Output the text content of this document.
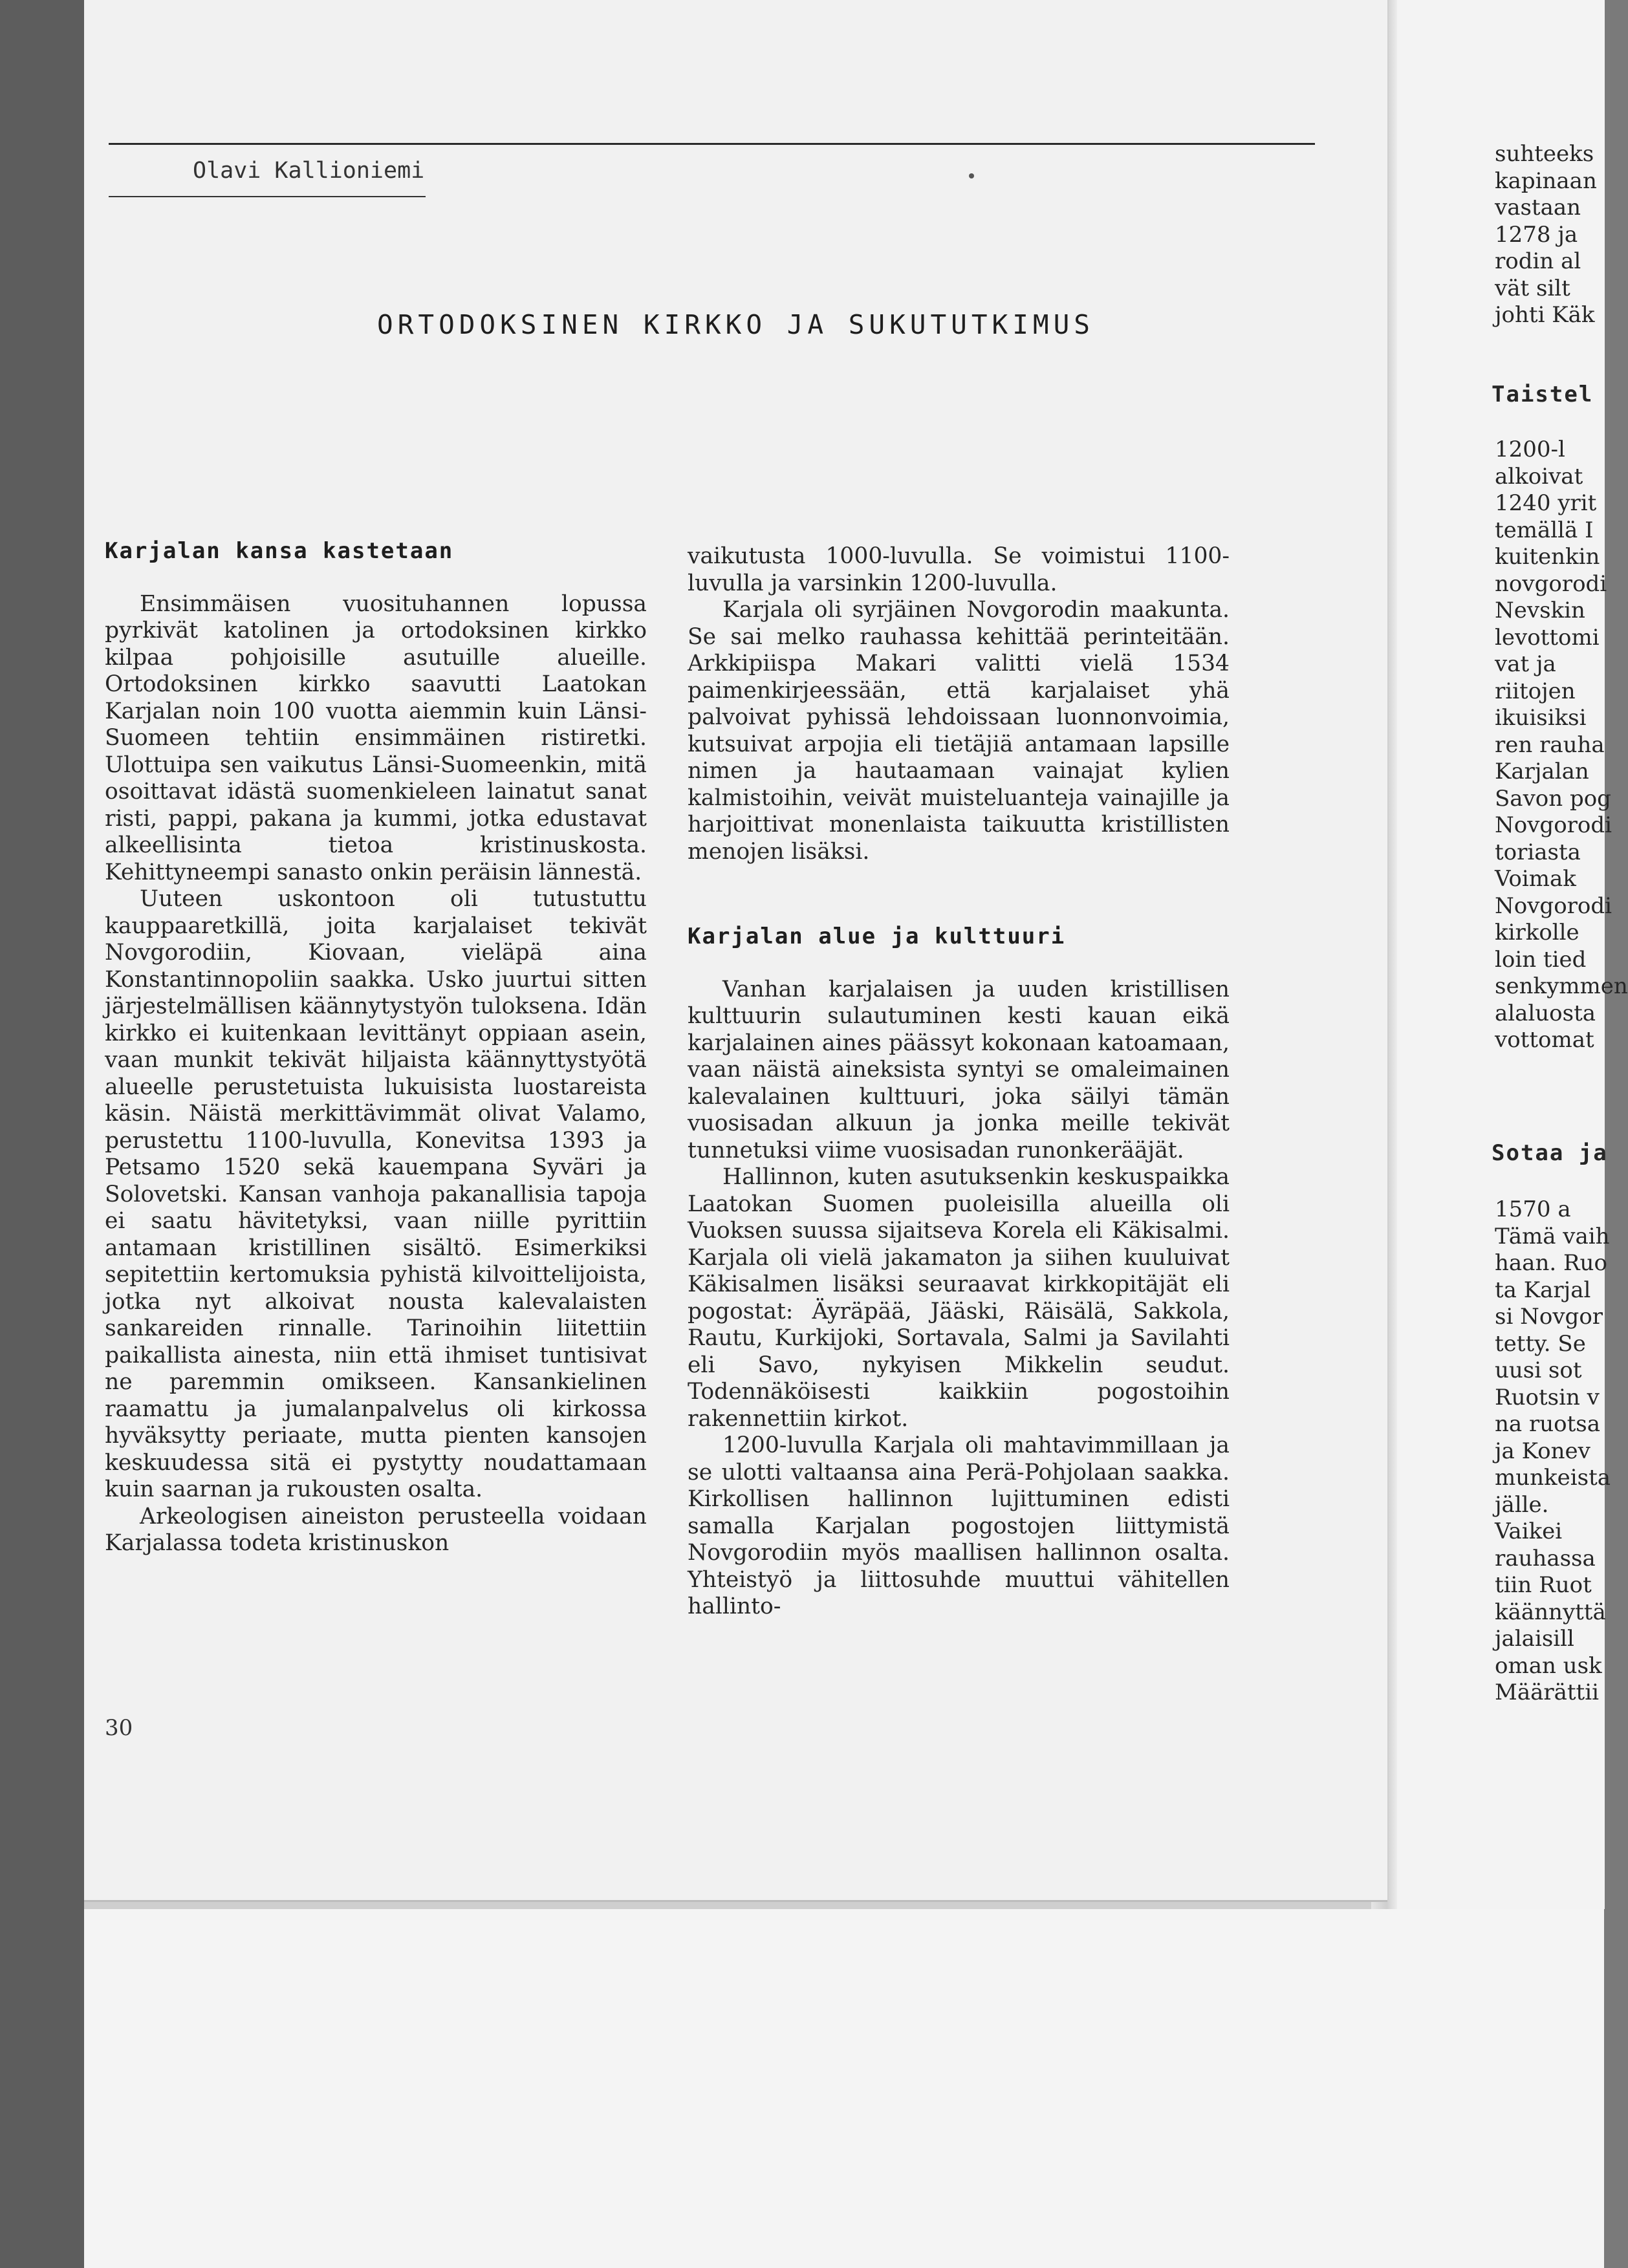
suhteeks
kapinaan
vastaan
1278 ja
rodin al
vät silt
johti Käk
Taistel
1200-l
alkoivat
1240 yrit
temällä I
kuitenkin
novgorodi
Nevskin
levottomi
vat ja
riitojen
ikuisiksi
ren rauha
Karjalan
Savon pog
Novgorodi
toriasta
Voimak
Novgorodi
kirkolle
loin tied
senkymmen
alaluosta
vottomat
Sotaa ja
1570 a
Tämä vaih
haan. Ruo
ta Karjal
si Novgor
tetty. Se
uusi sot
Ruotsin v
na ruotsa
ja Konev
munkeista
jälle.
Vaikei
rauhassa
tiin Ruot
käännyttä
jalaisill
oman usk
Määrättii
Olavi Kallioniemi
ORTODOKSINEN KIRKKO JA SUKUTUTKIMUS
Karjalan kansa kastetaan

Ensimmäisen vuosituhannen lopussa pyrkivät katolinen ja ortodoksinen kirkko kilpaa pohjoisille asutuille alueille. Ortodoksinen kirkko saavutti Laatokan Karjalan noin 100 vuotta aiemmin kuin Länsi-Suomeen tehtiin ensimmäinen ristiretki. Ulottuipa sen vaikutus Länsi-Suomeenkin, mitä osoittavat idästä suomenkieleen lainatut sanat risti, pappi, pakana ja kummi, jotka edustavat alkeellisinta tietoa kristinuskosta. Kehittyneempi sanasto onkin peräisin lännestä.

Uuteen uskontoon oli tutustuttu kauppaaretkillä, joita karjalaiset tekivät Novgorodiin, Kiovaan, vieläpä aina Konstantinnopoliin saakka. Usko juurtui sitten järjestelmällisen käännytystyön tuloksena. Idän kirkko ei kuitenkaan levittänyt oppiaan asein, vaan munkit tekivät hiljaista käännyttystyötä alueelle perustetuista lukuisista luostareista käsin. Näistä merkittävimmät olivat Valamo, perustettu 1100-luvulla, Konevitsa 1393 ja Petsamo 1520 sekä kauempana Syväri ja Solovetski. Kansan vanhoja pakanallisia tapoja ei saatu hävitetyksi, vaan niille pyrittiin antamaan kristillinen sisältö. Esimerkiksi sepitettiin kertomuksia pyhistä kilvoittelijoista, jotka nyt alkoivat nousta kalevalaisten sankareiden rinnalle. Tarinoihin liitettiin paikallista ainesta, niin että ihmiset tuntisivat ne paremmin omikseen. Kansankielinen raamattu ja jumalanpalvelus oli kirkossa hyväksytty periaate, mutta pienten kansojen keskuudessa sitä ei pystytty noudattamaan kuin saarnan ja rukousten osalta.

Arkeologisen aineiston perusteella voidaan Karjalassa todeta kristinuskon

vaikutusta 1000-luvulla. Se voimistui 1100-luvulla ja varsinkin 1200-luvulla.

Karjala oli syrjäinen Novgorodin maakunta. Se sai melko rauhassa kehittää perinteitään. Arkkipiispa Makari valitti vielä 1534 paimenkirjeessään, että karjalaiset yhä palvoivat pyhissä lehdoissaan luonnonvoimia, kutsuivat arpojia eli tietäjiä antamaan lapsille nimen ja hautaamaan vainajat kylien kalmistoihin, veivät muisteluanteja vainajille ja harjoittivat monenlaista taikuutta kristillisten menojen lisäksi.

Karjalan alue ja kulttuuri

Vanhan karjalaisen ja uuden kristillisen kulttuurin sulautuminen kesti kauan eikä karjalainen aines päässyt kokonaan katoamaan, vaan näistä aineksista syntyi se omaleimainen kalevalainen kulttuuri, joka säilyi tämän vuosisadan alkuun ja jonka meille tekivät tunnetuksi viime vuosisadan runonkerääjät.

Hallinnon, kuten asutuksenkin keskuspaikka Laatokan Suomen puoleisilla alueilla oli Vuoksen suussa sijaitseva Korela eli Käkisalmi. Karjala oli vielä jakamaton ja siihen kuuluivat Käkisalmen lisäksi seuraavat kirkkopitäjät eli pogostat: Äyräpää, Jääski, Räisälä, Sakkola, Rautu, Kurkijoki, Sortavala, Salmi ja Savilahti eli Savo, nykyisen Mikkelin seudut. Todennäköisesti kaikkiin pogostoihin rakennettiin kirkot.

1200-luvulla Karjala oli mahtavimmillaan ja se ulotti valtaansa aina Perä-Pohjolaan saakka. Kirkollisen hallinnon lujittuminen edisti samalla Karjalan pogostojen liittymistä Novgorodiin myös maallisen hallinnon osalta. Yhteistyö ja liittosuhde muuttui vähitellen hallinto-

30
